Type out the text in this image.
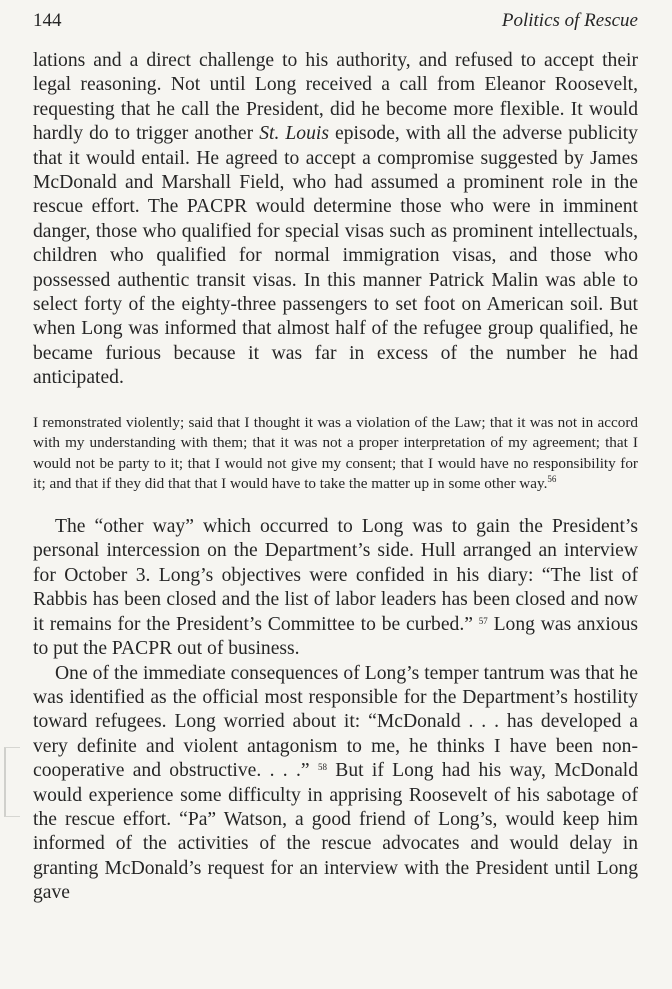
144	Politics of Rescue

lations and a direct challenge to his authority, and refused to accept their legal reasoning. Not until Long received a call from Eleanor Roosevelt, requesting that he call the President, did he become more flexible. It would hardly do to trigger another St. Louis episode, with all the adverse publicity that it would entail. He agreed to accept a compromise suggested by James McDonald and Marshall Field, who had assumed a prominent role in the rescue effort. The PACPR would determine those who were in imminent danger, those who qualified for special visas such as prominent intellectuals, children who qualified for normal immigration visas, and those who possessed authentic transit visas. In this manner Patrick Malin was able to select forty of the eighty-three passengers to set foot on American soil. But when Long was informed that almost half of the refugee group qualified, he became furious because it was far in excess of the number he had anticipated.

I remonstrated violently; said that I thought it was a violation of the Law; that it was not in accord with my understanding with them; that it was not a proper interpretation of my agreement; that I would not be party to it; that I would not give my consent; that I would have no responsibility for it; and that if they did that that I would have to take the matter up in some other way.$^{56}$

The “other way” which occurred to Long was to gain the President’s personal intercession on the Department’s side. Hull arranged an interview for October 3. Long’s objectives were confided in his diary: “The list of Rabbis has been closed and the list of labor leaders has been closed and now it remains for the President’s Committee to be curbed.” $^{57}$ Long was anxious to put the PACPR out of business.

One of the immediate consequences of Long’s temper tantrum was that he was identified as the official most responsible for the Department’s hostility toward refugees. Long worried about it: “McDonald . . . has developed a very definite and violent antagonism to me, he thinks I have been non-cooperative and obstructive. . . .” $^{58}$ But if Long had his way, McDonald would experience some difficulty in apprising Roosevelt of his sabotage of the rescue effort. “Pa” Watson, a good friend of Long’s, would keep him informed of the activities of the rescue advocates and would delay in granting McDonald’s request for an interview with the President until Long gave
